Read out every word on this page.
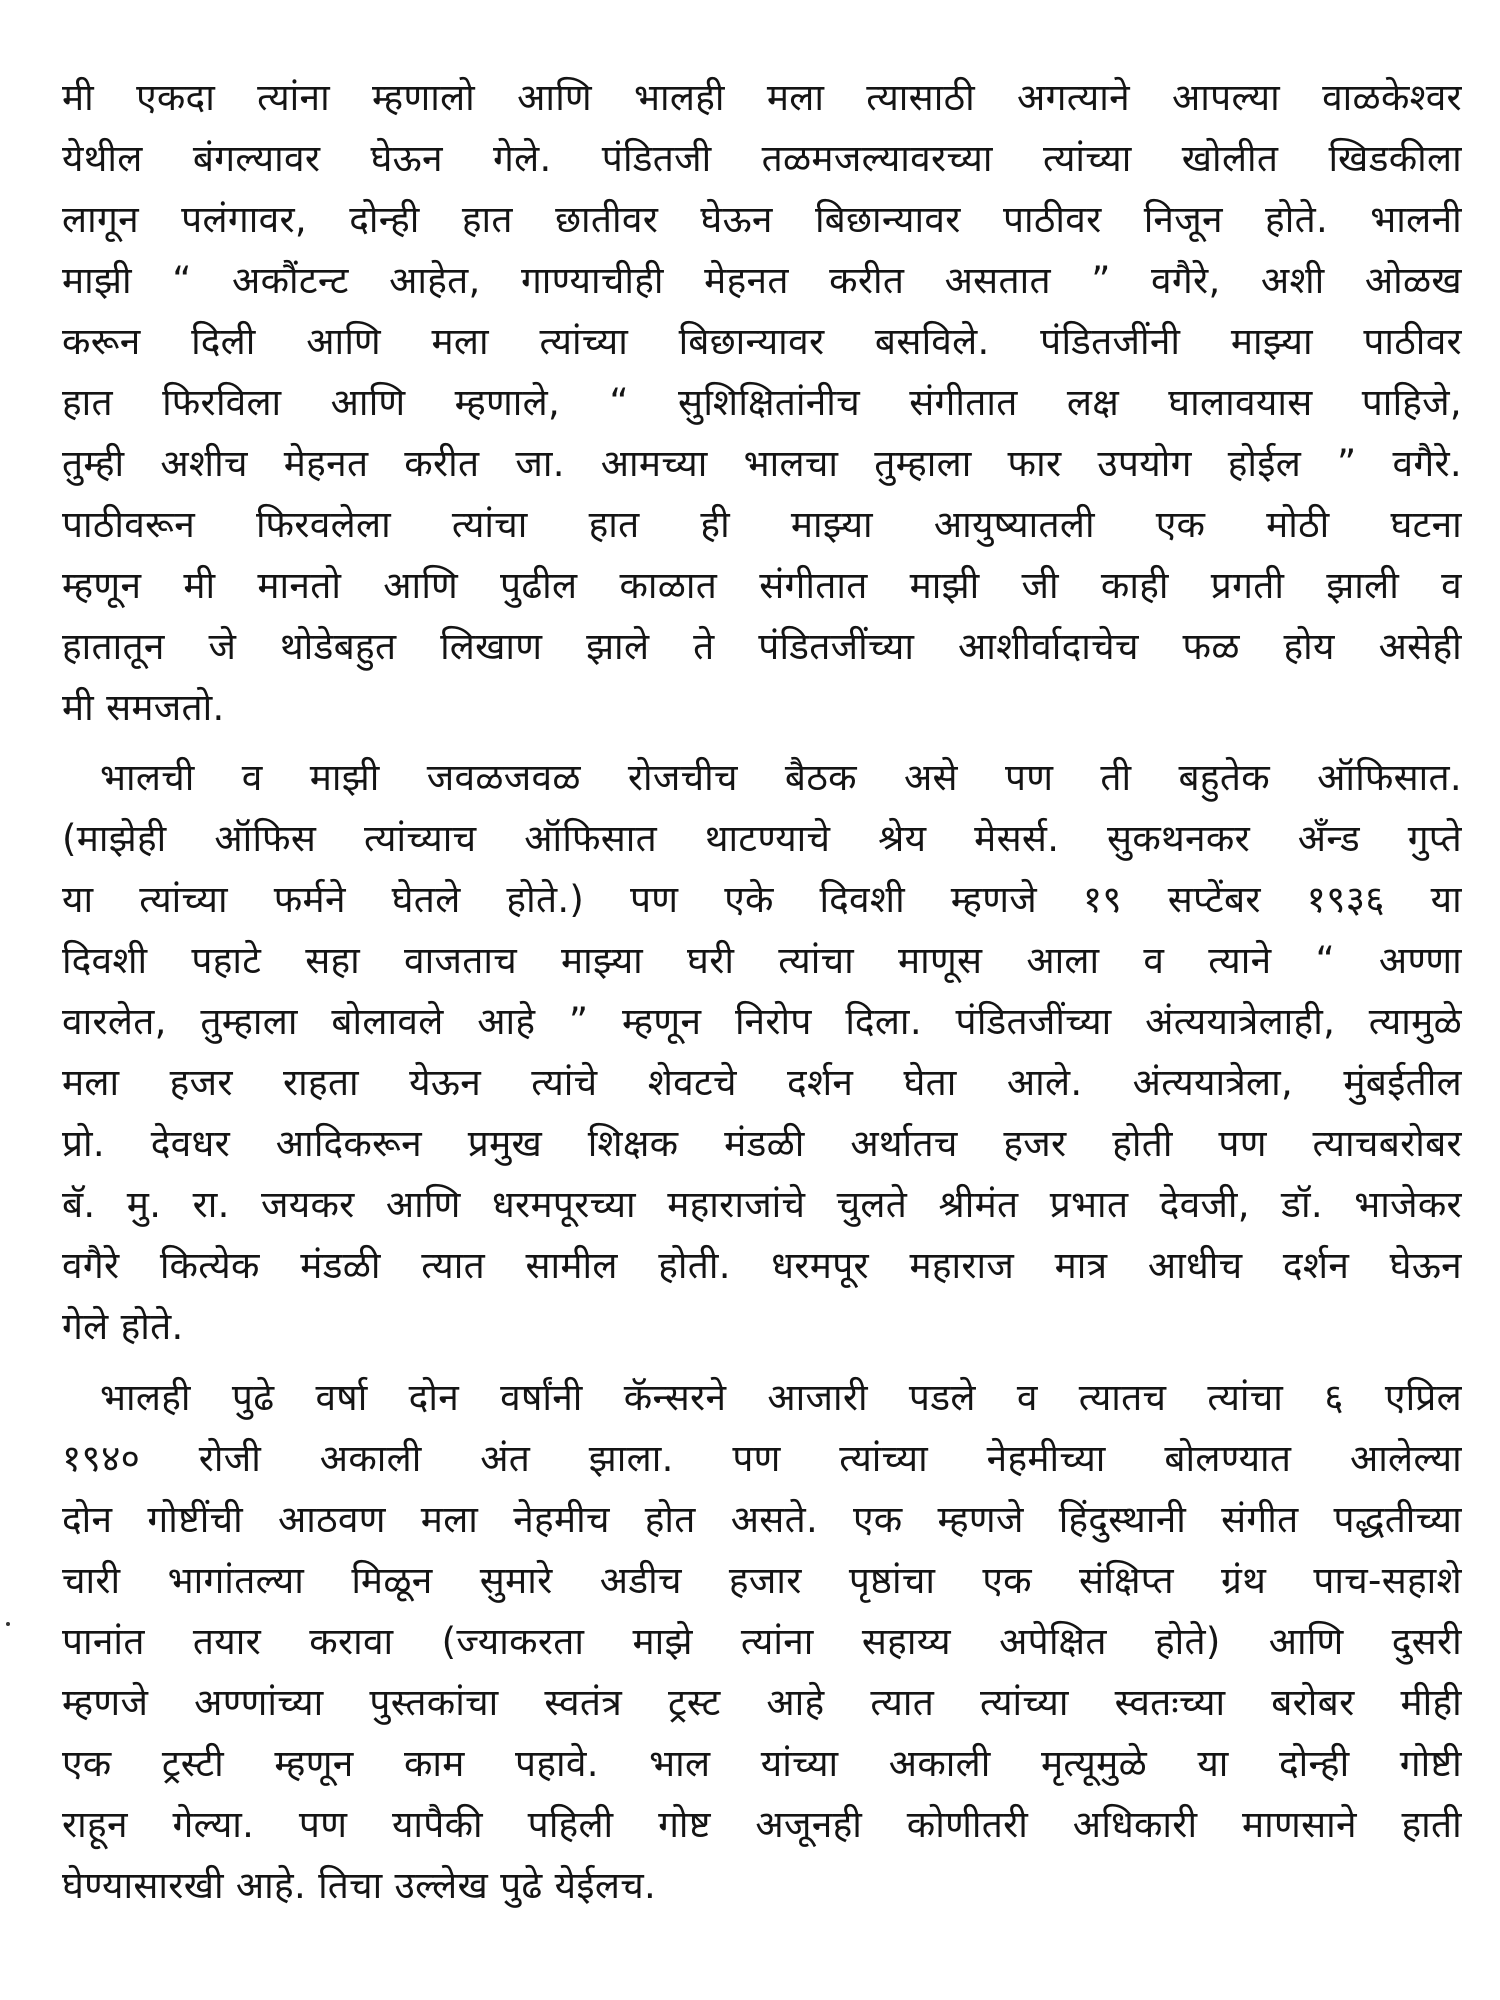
मी एकदा त्यांना म्हणालो आणि भालही मला त्यासाठी अगत्याने आपल्या वाळकेश्वर
येथील बंगल्यावर घेऊन गेले. पंडितजी तळमजल्यावरच्या त्यांच्या खोलीत खिडकीला
लागून पलंगावर, दोन्ही हात छातीवर घेऊन बिछान्यावर पाठीवर निजून होते. भालनी
माझी “ अकौंटन्ट आहेत, गाण्याचीही मेहनत करीत असतात ” वगैरे, अशी ओळख
करून दिली आणि मला त्यांच्या बिछान्यावर बसविले. पंडितजींनी माझ्या पाठीवर
हात फिरविला आणि म्हणाले, “ सुशिक्षितांनीच संगीतात लक्ष घालावयास पाहिजे,
तुम्ही अशीच मेहनत करीत जा. आमच्या भालचा तुम्हाला फार उपयोग होईल ” वगैरे.
पाठीवरून फिरवलेला त्यांचा हात ही माझ्या आयुष्यातली एक मोठी घटना
म्हणून मी मानतो आणि पुढील काळात संगीतात माझी जी काही प्रगती झाली व
हातातून जे थोडेबहुत लिखाण झाले ते पंडितजींच्या आशीर्वादाचेच फळ होय असेही
मी समजतो.
भालची व माझी जवळजवळ रोजचीच बैठक असे पण ती बहुतेक ऑफिसात.
(माझेही ऑफिस त्यांच्याच ऑफिसात थाटण्याचे श्रेय मेसर्स. सुकथनकर अँन्ड गुप्ते
या त्यांच्या फर्मने घेतले होते.) पण एके दिवशी म्हणजे १९ सप्टेंबर १९३६ या
दिवशी पहाटे सहा वाजताच माझ्या घरी त्यांचा माणूस आला व त्याने “ अण्णा
वारलेत, तुम्हाला बोलावले आहे ” म्हणून निरोप दिला. पंडितजींच्या अंत्ययात्रेलाही, त्यामुळे
मला हजर राहता येऊन त्यांचे शेवटचे दर्शन घेता आले. अंत्ययात्रेला, मुंबईतील
प्रो. देवधर आदिकरून प्रमुख शिक्षक मंडळी अर्थातच हजर होती पण त्याचबरोबर
बॅ. मु. रा. जयकर आणि धरमपूरच्या महाराजांचे चुलते श्रीमंत प्रभात देवजी, डॉ. भाजेकर
वगैरे कित्येक मंडळी त्यात सामील होती. धरमपूर महाराज मात्र आधीच दर्शन घेऊन
गेले होते.
भालही पुढे वर्षा दोन वर्षांनी कॅन्सरने आजारी पडले व त्यातच त्यांचा ६ एप्रिल
१९४० रोजी अकाली अंत झाला. पण त्यांच्या नेहमीच्या बोलण्यात आलेल्या
दोन गोष्टींची आठवण मला नेहमीच होत असते. एक म्हणजे हिंदुस्थानी संगीत पद्धतीच्या
चारी भागांतल्या मिळून सुमारे अडीच हजार पृष्ठांचा एक संक्षिप्त ग्रंथ पाच-सहाशे
पानांत तयार करावा (ज्याकरता माझे त्यांना सहाय्य अपेक्षित होते) आणि दुसरी
म्हणजे अण्णांच्या पुस्तकांचा स्वतंत्र ट्रस्ट आहे त्यात त्यांच्या स्वतःच्या बरोबर मीही
एक ट्रस्टी म्हणून काम पहावे. भाल यांच्या अकाली मृत्यूमुळे या दोन्ही गोष्टी
राहून गेल्या. पण यापैकी पहिली गोष्ट अजूनही कोणीतरी अधिकारी माणसाने हाती
घेण्यासारखी आहे. तिचा उल्लेख पुढे येईलच.
